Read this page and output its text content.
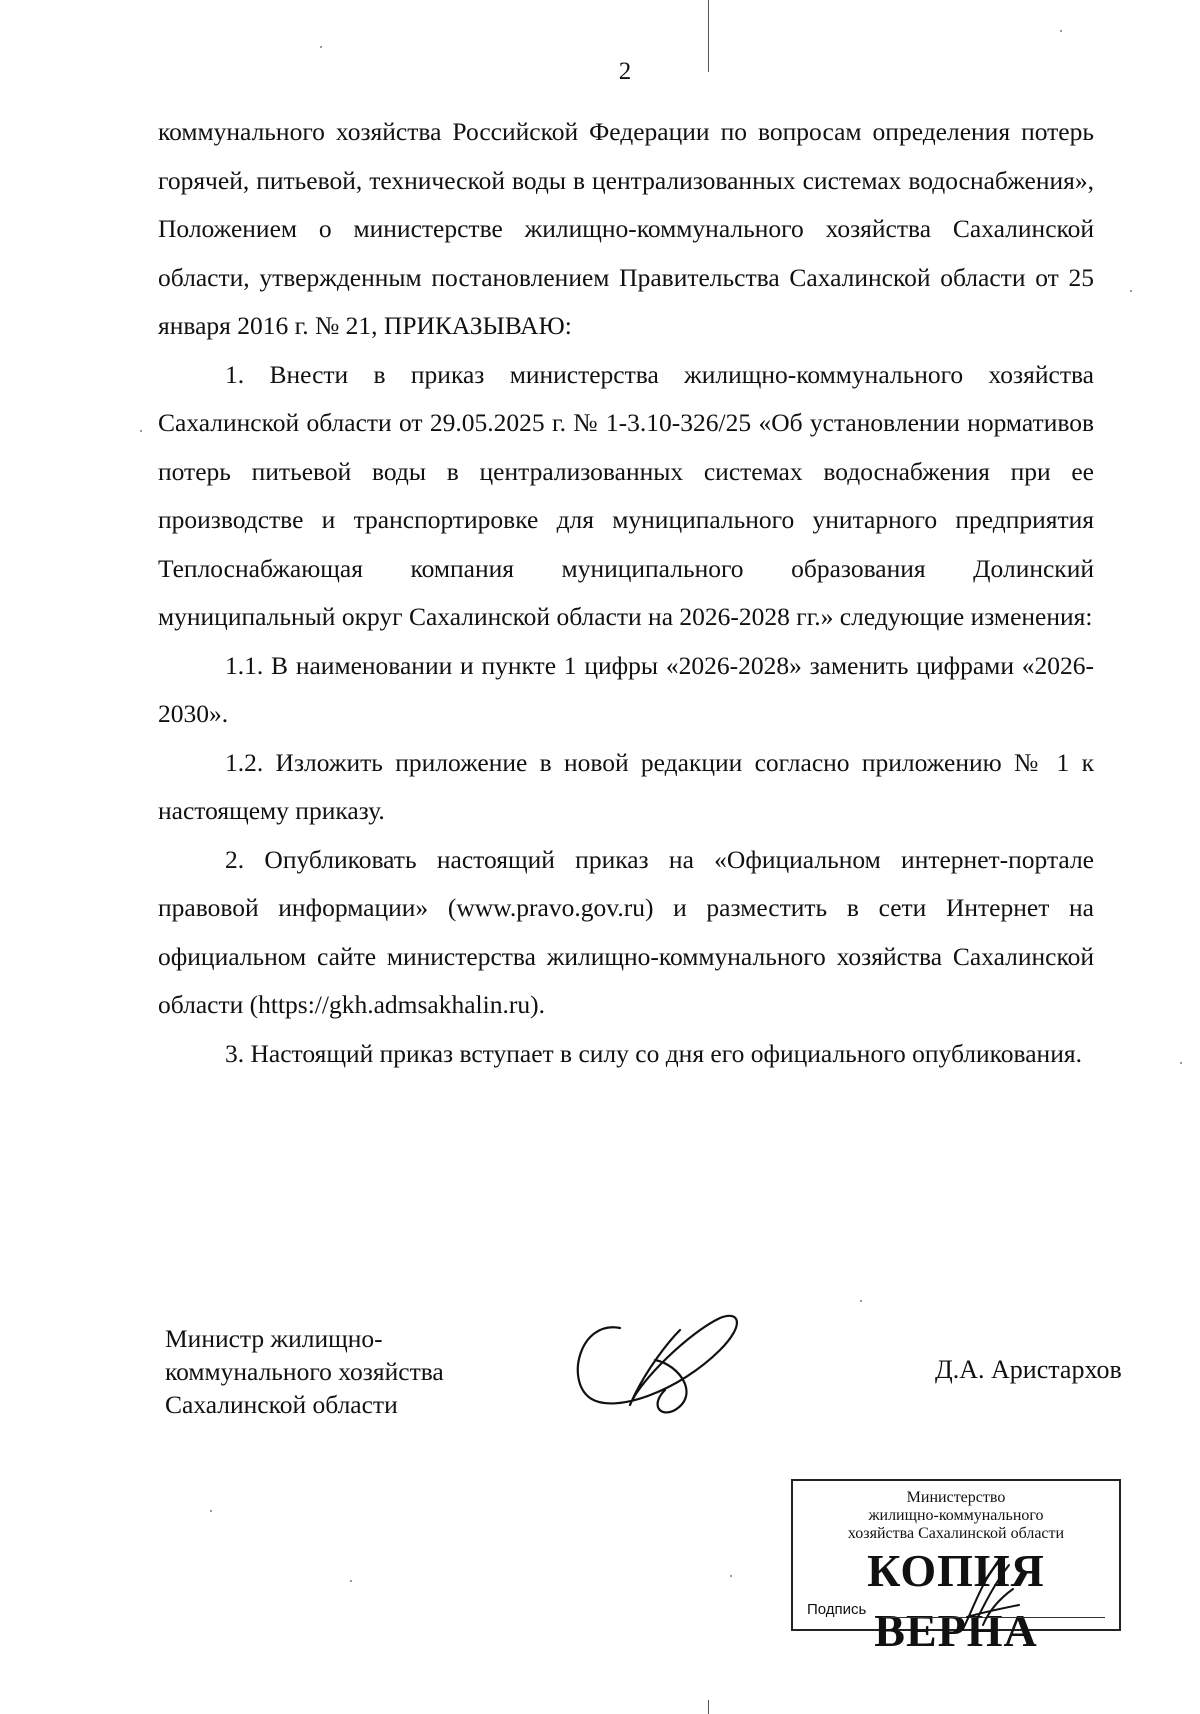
2

коммунального хозяйства Российской Федерации по вопросам определения потерь горячей, питьевой, технической воды в централизованных системах водоснабжения», Положением о министерстве жилищно-коммунального хозяйства Сахалинской области, утвержденным постановлением Правительства Сахалинской области от 25 января 2016 г. № 21, ПРИКАЗЫВАЮ:

1. Внести в приказ министерства жилищно-коммунального хозяйства Сахалинской области от 29.05.2025 г. № 1-3.10-326/25 «Об установлении нормативов потерь питьевой воды в централизованных системах водоснабжения при ее производстве и транспортировке для муниципального унитарного предприятия Теплоснабжающая компания муниципального образования Долинский муниципальный округ Сахалинской области на 2026-2028 гг.» следующие изменения:

1.1. В наименовании и пункте 1 цифры «2026-2028» заменить цифрами «2026-2030».

1.2. Изложить приложение в новой редакции согласно приложению № 1 к настоящему приказу.

2. Опубликовать настоящий приказ на «Официальном интернет-портале правовой информации» (www.pravo.gov.ru) и разместить в сети Интернет на официальном сайте министерства жилищно-коммунального хозяйства Сахалинской области (https://gkh.admsakhalin.ru).

3. Настоящий приказ вступает в силу со дня его официального опубликования.

Министр жилищно-
коммунального хозяйства
Сахалинской области
Д.А. Аристархов
Министерство
жилищно-коммунального
хозяйства Сахалинской области
КОПИЯ ВЕРНА
Подпись
